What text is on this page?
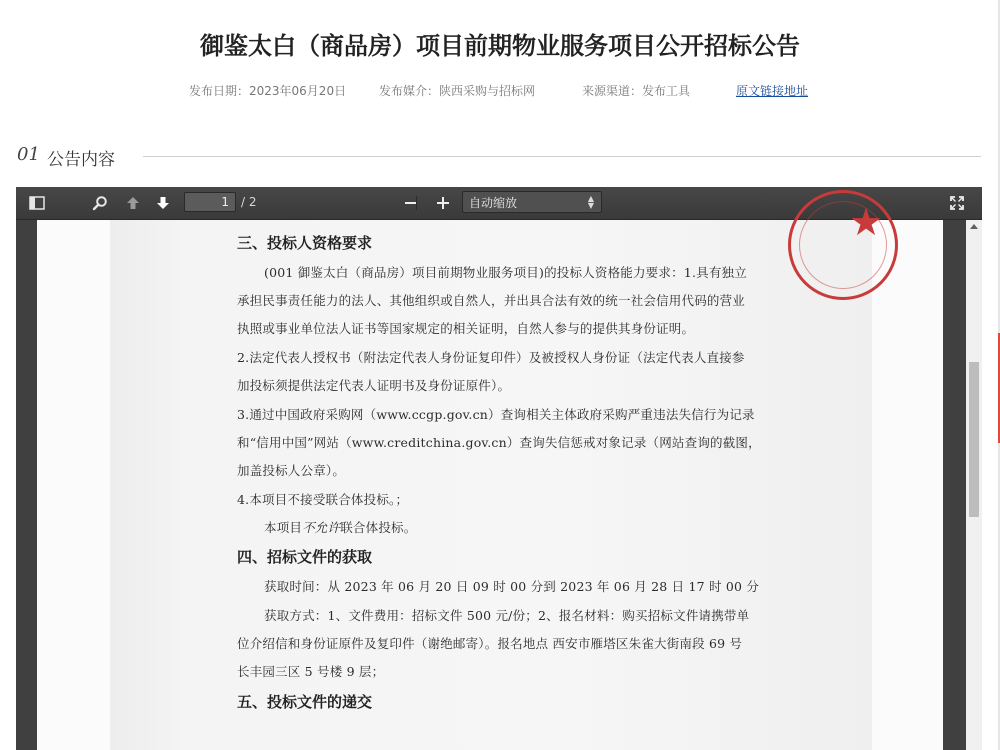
御鉴太白（商品房）项目前期物业服务项目公开招标公告
发布日期：2023年06月20日	发布媒介：陕西采购与招标网	来源渠道：发布工具	原文链接地址
01 公告内容
1
/ 2	自动缩放	▲
▼	★
三、投标人资格要求
(001 御鉴太白（商品房）项目前期物业服务项目)的投标人资格能力要求：1.具有独立
承担民事责任能力的法人、其他组织或自然人，并出具合法有效的统一社会信用代码的营业
执照或事业单位法人证书等国家规定的相关证明，自然人参与的提供其身份证明。
2.法定代表人授权书（附法定代表人身份证复印件）及被授权人身份证（法定代表人直接参
加投标须提供法定代表人证明书及身份证原件）。
3.通过中国政府采购网（www.ccgp.gov.cn）查询相关主体政府采购严重违法失信行为记录
和“信用中国”网站（www.creditchina.gov.cn）查询失信惩戒对象记录（网站查询的截图，
加盖投标人公章）。
4.本项目不接受联合体投标。；
本项目不允许联合体投标。
四、招标文件的获取
获取时间：从 2023 年 06 月 20 日 09 时 00 分到 2023 年 06 月 28 日 17 时 00 分
获取方式：1、文件费用：招标文件 500 元/份；2、报名材料：购买招标文件请携带单
位介绍信和身份证原件及复印件（谢绝邮寄）。报名地点 西安市雁塔区朱雀大街南段 69 号
长丰园三区 5 号楼 9 层；
五、投标文件的递交
